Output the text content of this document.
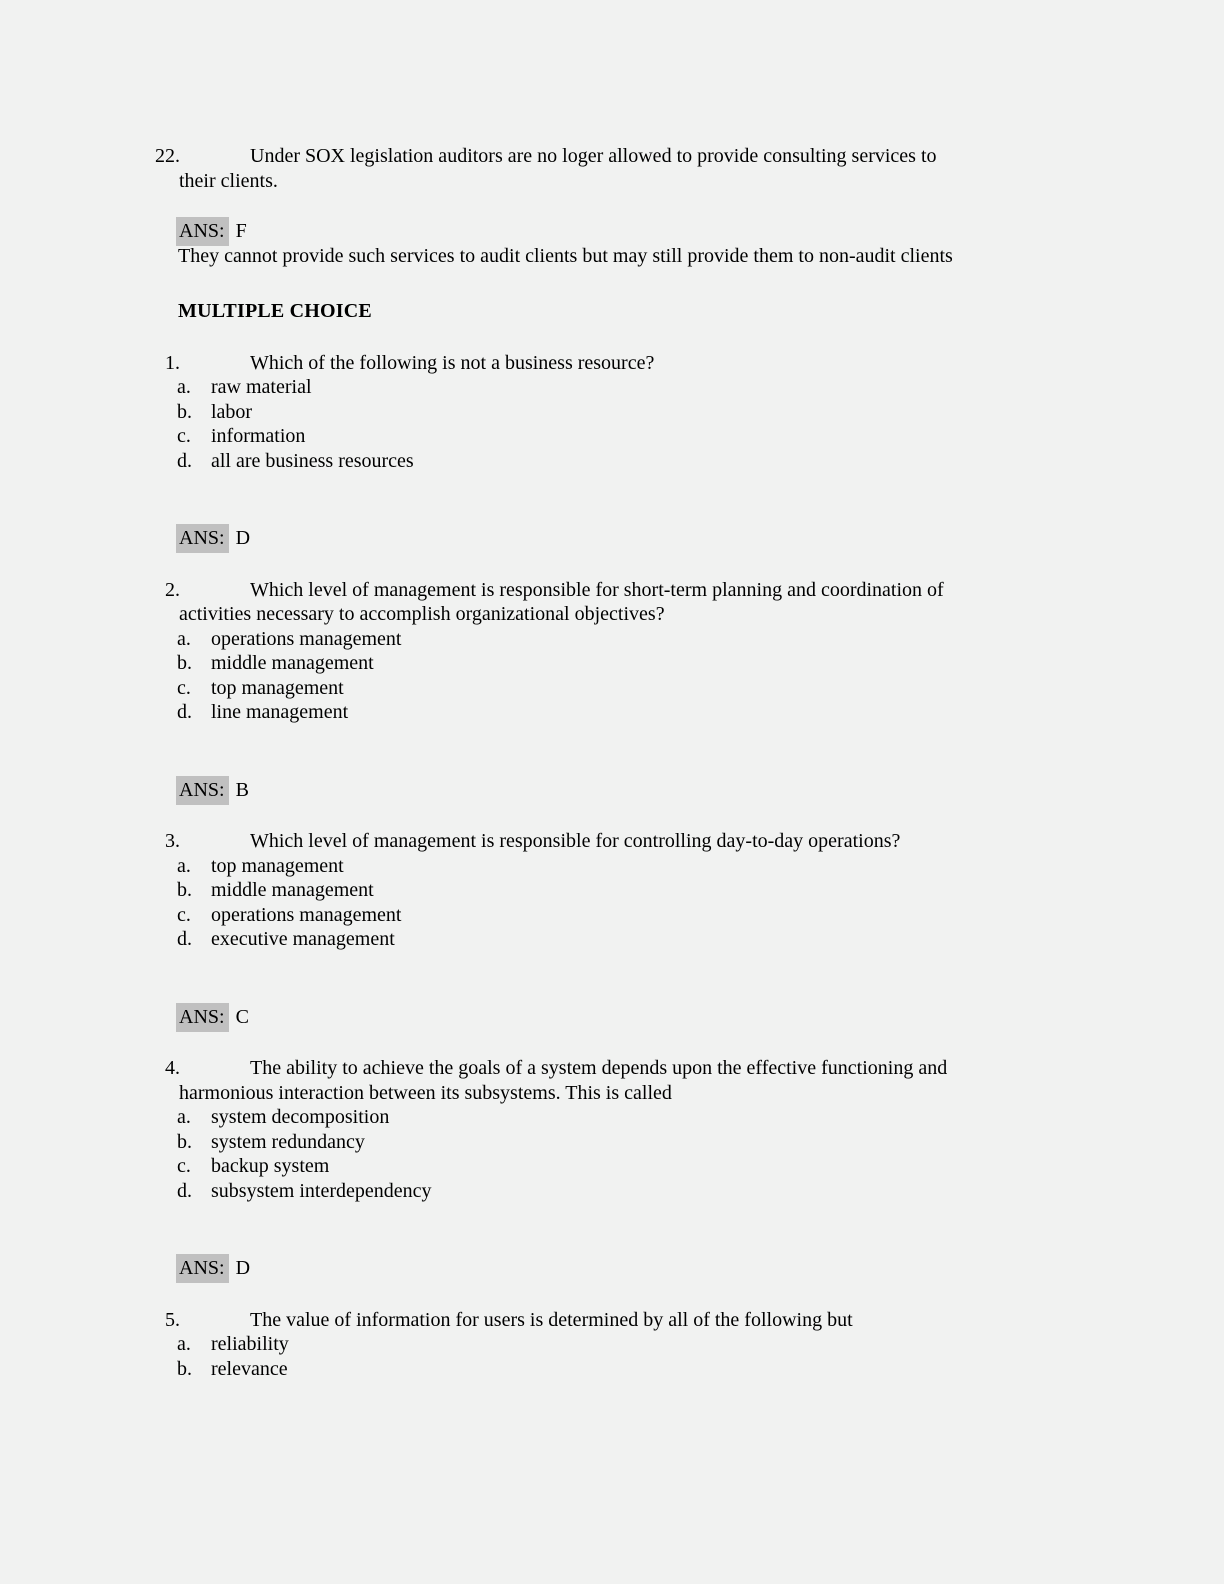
22.	Under SOX legislation auditors are no loger allowed to provide consulting services to
their clients.
ANS: F
They cannot provide such services to audit clients but may still provide them to non-audit clients
MULTIPLE CHOICE
1.	Which of the following is not a business resource?
a. raw material
b. labor
c. information
d. all are business resources
ANS: D
2.	Which level of management is responsible for short-term planning and coordination of
activities necessary to accomplish organizational objectives?
a. operations management
b. middle management
c. top management
d. line management
ANS: B
3.	Which level of management is responsible for controlling day-to-day operations?
a. top management
b. middle management
c. operations management
d. executive management
ANS: C
4.	The ability to achieve the goals of a system depends upon the effective functioning and
harmonious interaction between its subsystems. This is called
a. system decomposition
b. system redundancy
c. backup system
d. subsystem interdependency
ANS: D
5.	The value of information for users is determined by all of the following but
a. reliability
b. relevance
